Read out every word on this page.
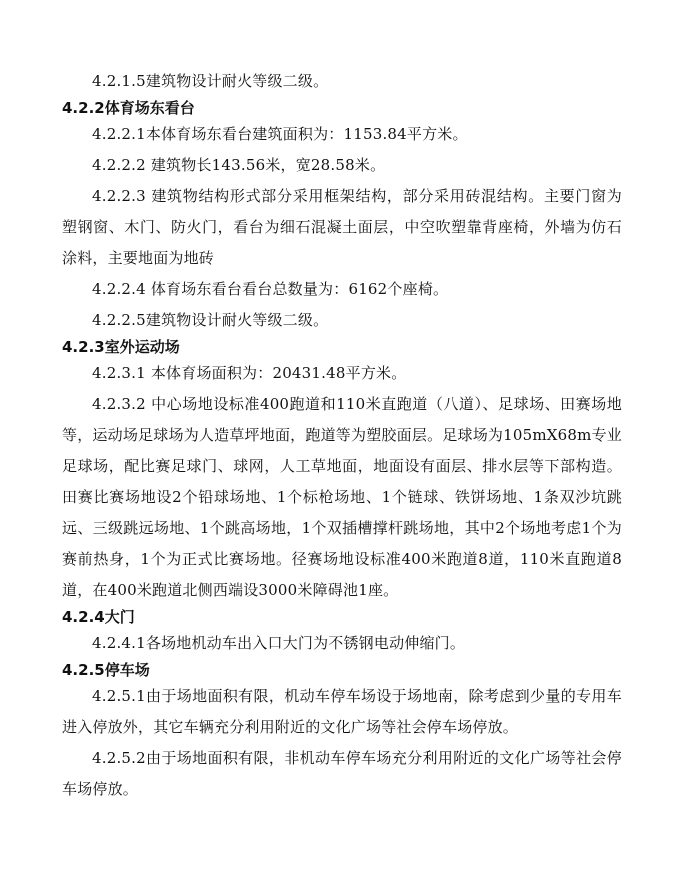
4.2.1.5建筑物设计耐火等级二级。

4.2.2体育场东看台

4.2.2.1本体育场东看台建筑面积为：1153.84平方米。

4.2.2.2 建筑物长143.56米，宽28.58米。

4.2.2.3 建筑物结构形式部分采用框架结构，部分采用砖混结构。主要门窗为塑钢窗、木门、防火门，看台为细石混凝土面层，中空吹塑靠背座椅，外墙为仿石涂料，主要地面为地砖

4.2.2.4 体育场东看台看台总数量为：6162个座椅。

4.2.2.5建筑物设计耐火等级二级。

4.2.3室外运动场

4.2.3.1 本体育场面积为：20431.48平方米。

4.2.3.2 中心场地设标准400跑道和110米直跑道（八道）、足球场、田赛场地等，运动场足球场为人造草坪地面，跑道等为塑胶面层。足球场为105mX68m专业足球场，配比赛足球门、球网，人工草地面，地面设有面层、排水层等下部构造。田赛比赛场地设2个铅球场地、1个标枪场地、1个链球、铁饼场地、1条双沙坑跳远、三级跳远场地、1个跳高场地，1个双插槽撑杆跳场地，其中2个场地考虑1个为赛前热身，1个为正式比赛场地。径赛场地设标准400米跑道8道，110米直跑道8道，在400米跑道北侧西端设3000米障碍池1座。

4.2.4大门

4.2.4.1各场地机动车出入口大门为不锈钢电动伸缩门。

4.2.5停车场

4.2.5.1由于场地面积有限，机动车停车场设于场地南，除考虑到少量的专用车进入停放外，其它车辆充分利用附近的文化广场等社会停车场停放。

4.2.5.2由于场地面积有限，非机动车停车场充分利用附近的文化广场等社会停车场停放。
